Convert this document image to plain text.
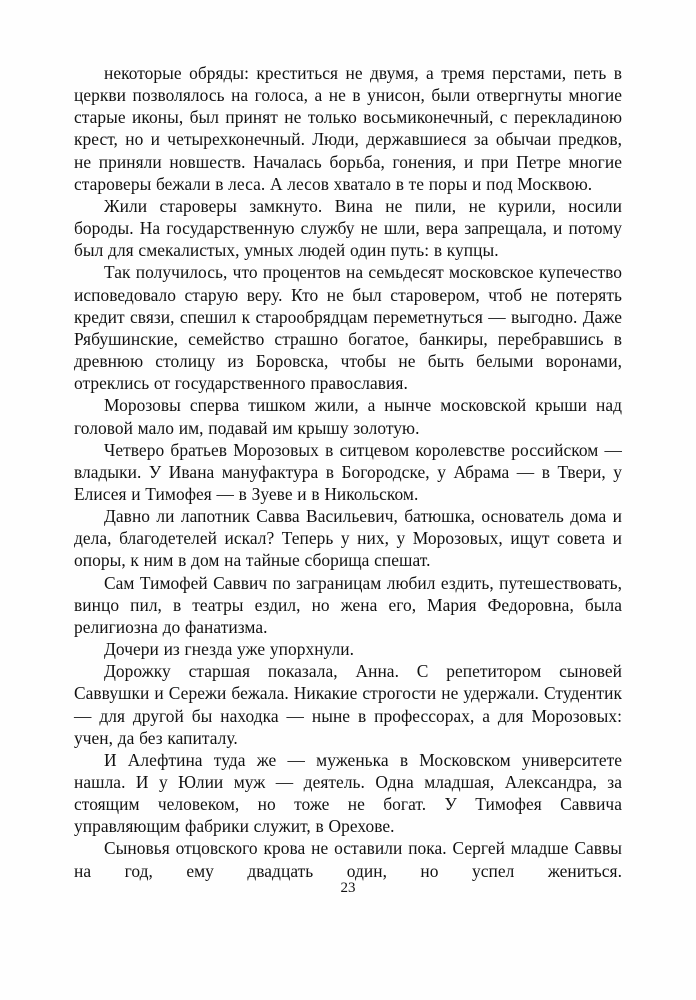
некоторые обряды: креститься не двумя, а тремя перстами, петь в церкви позволялось на голоса, а не в унисон, были отвергнуты многие старые иконы, был принят не только восьмиконечный, с перекладиною крест, но и четырехконечный. Люди, державшиеся за обычаи предков, не приняли новшеств. Началась борьба, гонения, и при Петре многие староверы бежали в леса. А лесов хватало в те поры и под Москвою.

Жили староверы замкнуто. Вина не пили, не курили, носили бороды. На государственную службу не шли, вера запрещала, и потому был для смекалистых, умных людей один путь: в купцы.

Так получилось, что процентов на семьдесят московское купечество исповедовало старую веру. Кто не был старовером, чтоб не потерять кредит связи, спешил к старообрядцам переметнуться — выгодно. Даже Рябушинские, семейство страшно богатое, банкиры, перебравшись в древнюю столицу из Боровска, чтобы не быть белыми воронами, отреклись от государственного православия.

Морозовы сперва тишком жили, а нынче московской крыши над головой мало им, подавай им крышу золотую.

Четверо братьев Морозовых в ситцевом королевстве российском — владыки. У Ивана мануфактура в Богородске, у Абрама — в Твери, у Елисея и Тимофея — в Зуеве и в Никольском.

Давно ли лапотник Савва Васильевич, батюшка, основатель дома и дела, благодетелей искал? Теперь у них, у Морозовых, ищут совета и опоры, к ним в дом на тайные сборища спешат.

Сам Тимофей Саввич по заграницам любил ездить, путешествовать, винцо пил, в театры ездил, но жена его, Мария Федоровна, была религиозна до фанатизма.

Дочери из гнезда уже упорхнули.

Дорожку старшая показала, Анна. С репетитором сыновей Саввушки и Сережи бежала. Никакие строгости не удержали. Студентик — для другой бы находка — ныне в профессорах, а для Морозовых: учен, да без капиталу.

И Алефтина туда же — муженька в Московском университете нашла. И у Юлии муж — деятель. Одна младшая, Александра, за стоящим человеком, но тоже не богат. У Тимофея Саввича управляющим фабрики служит, в Орехове.

Сыновья отцовского крова не оставили пока. Сергей младше Саввы на год, ему двадцать один, но успел жениться.

23
